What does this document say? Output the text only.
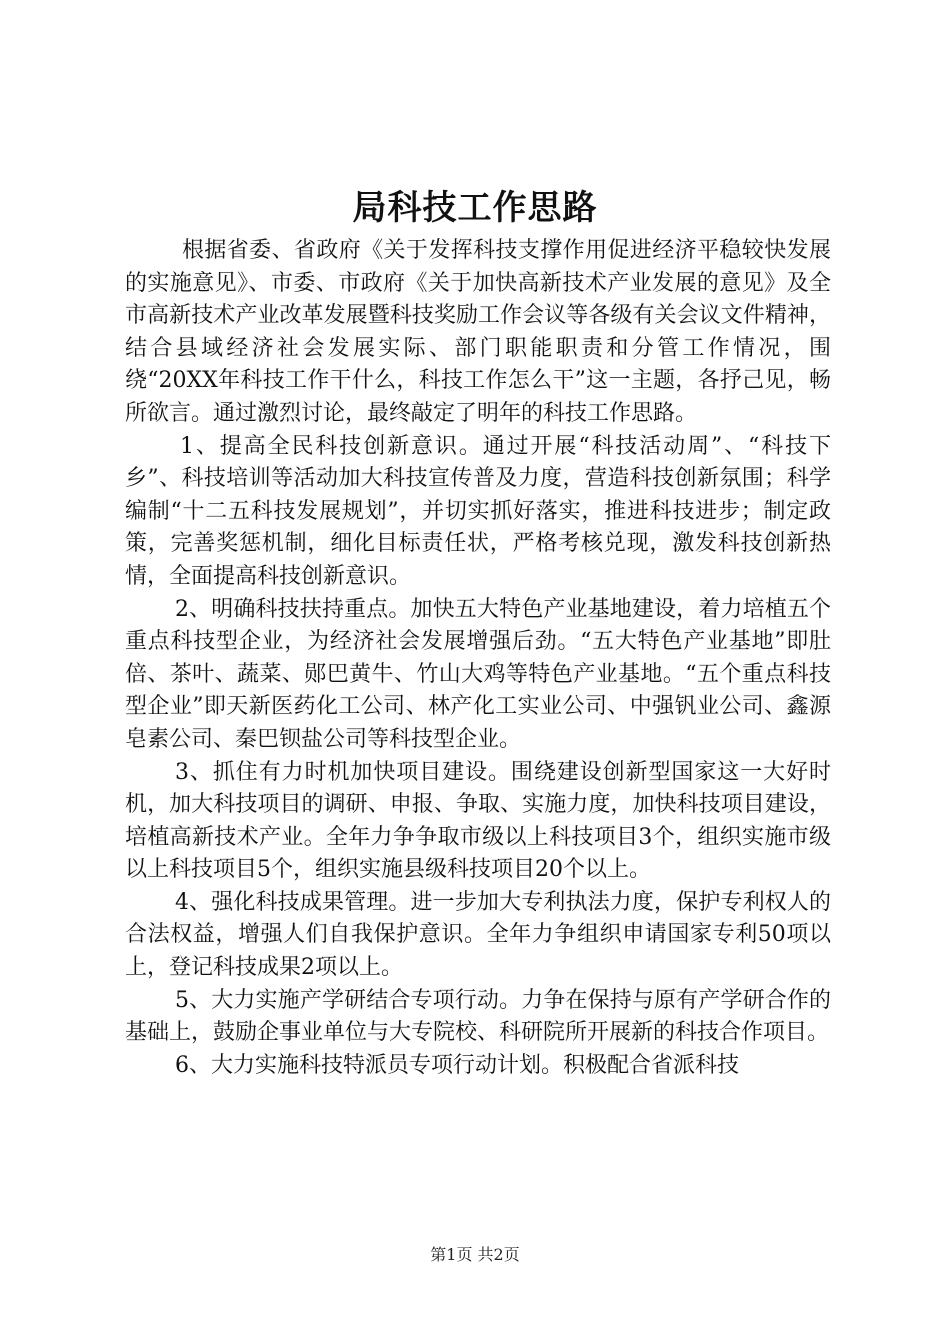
局科技工作思路

根据省委、省政府《关于发挥科技支撑作用促进经济平稳较快发展的实施意见》、市委、市政府《关于加快高新技术产业发展的意见》及全市高新技术产业改革发展暨科技奖励工作会议等各级有关会议文件精神，结合县域经济社会发展实际、部门职能职责和分管工作情况，围绕“20XX年科技工作干什么，科技工作怎么干”这一主题，各抒己见，畅所欲言。通过激烈讨论，最终敲定了明年的科技工作思路。

1、提高全民科技创新意识。通过开展“科技活动周”、“科技下乡”、科技培训等活动加大科技宣传普及力度，营造科技创新氛围；科学编制“十二五科技发展规划”，并切实抓好落实，推进科技进步；制定政策，完善奖惩机制，细化目标责任状，严格考核兑现，激发科技创新热情，全面提高科技创新意识。

2、明确科技扶持重点。加快五大特色产业基地建设，着力培植五个重点科技型企业，为经济社会发展增强后劲。“五大特色产业基地”即肚倍、茶叶、蔬菜、郧巴黄牛、竹山大鸡等特色产业基地。“五个重点科技型企业”即天新医药化工公司、林产化工实业公司、中强钒业公司、鑫源皂素公司、秦巴钡盐公司等科技型企业。

3、抓住有力时机加快项目建设。围绕建设创新型国家这一大好时机，加大科技项目的调研、申报、争取、实施力度，加快科技项目建设，培植高新技术产业。全年力争争取市级以上科技项目3个，组织实施市级以上科技项目5个，组织实施县级科技项目20个以上。

4、强化科技成果管理。进一步加大专利执法力度，保护专利权人的合法权益，增强人们自我保护意识。全年力争组织申请国家专利50项以上，登记科技成果2项以上。

5、大力实施产学研结合专项行动。力争在保持与原有产学研合作的基础上，鼓励企事业单位与大专院校、科研院所开展新的科技合作项目。

6、大力实施科技特派员专项行动计划。积极配合省派科技

第1页 共2页
